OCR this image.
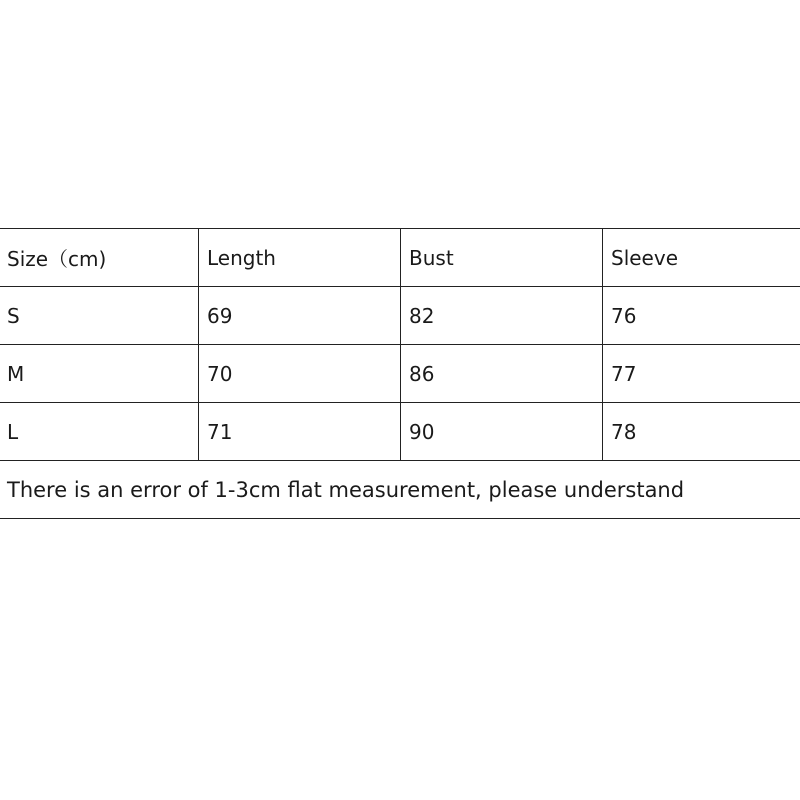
Size（cm)	Length	Bust	Sleeve
S	69	82	76
M	70	86	77
L	71	90	78
There is an error of 1-3cm flat measurement, please understand			
